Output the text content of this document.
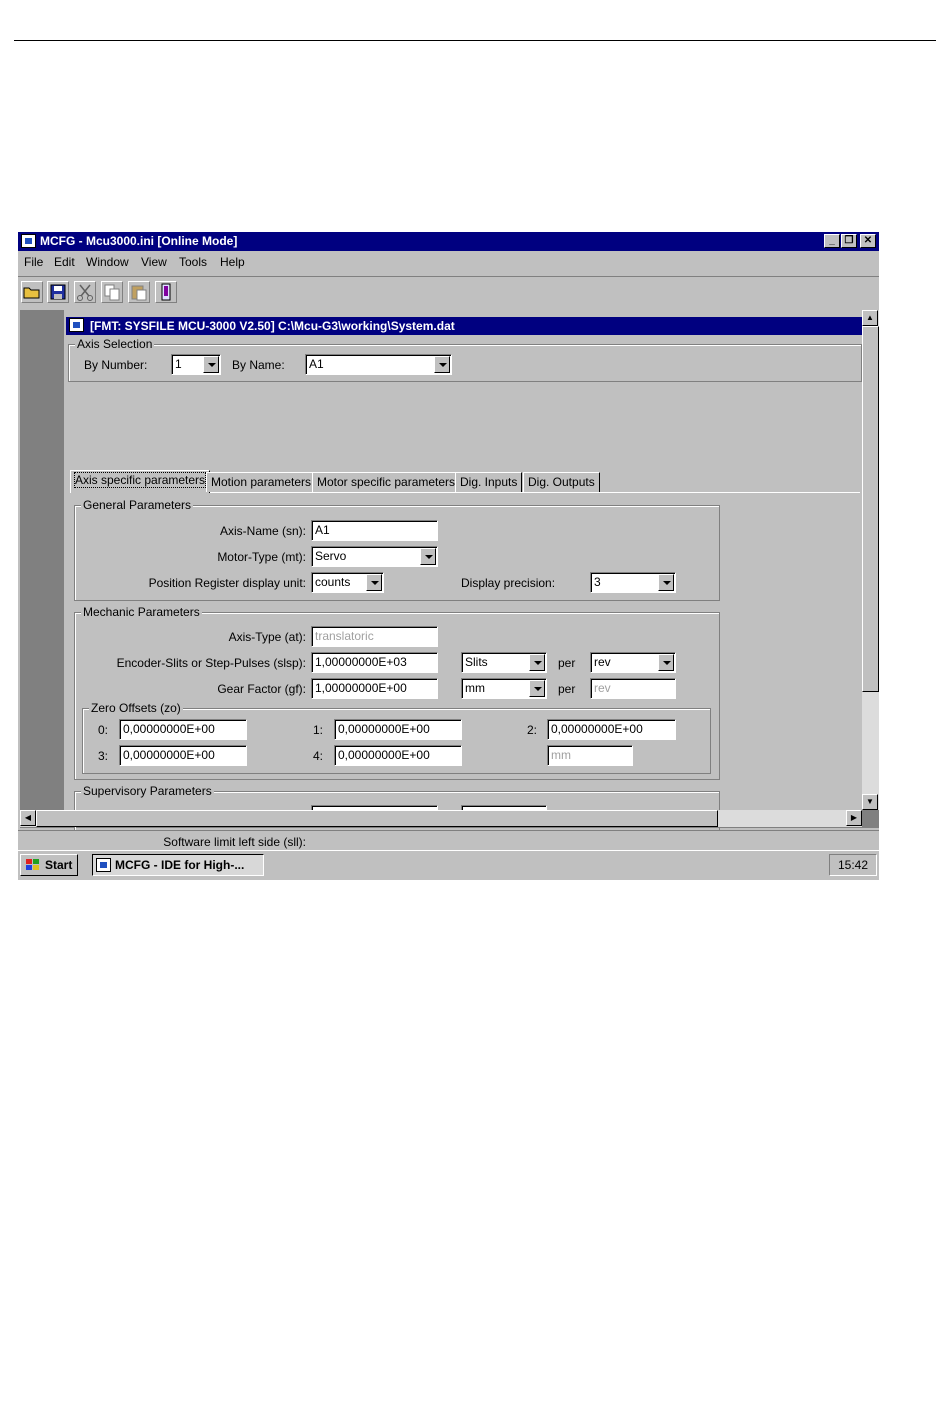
MCFG - Mcu3000.ini [Online Mode]	_ ❐	✕
File Edit Window View Tools Help
[FMT: SYSFILE MCU-3000 V2.50] C:\Mcu-G3\working\System.dat
Axis Selection
By Number: 1	By Name: A1
Axis specific parameters Motion parameters Motor specific parameters Dig. Inputs Dig. Outputs
General Parameters
Axis-Name (sn): A1
Motor-Type (mt): Servo
Position Register display unit: counts	Display precision:	3
Mechanic Parameters
Axis-Type (at): translatoric
Encoder-Slits or Step-Pulses (slsp): 1,00000000E+03	Slits	per rev
Gear Factor (gf): 1,00000000E+00	mm	per	rev
Zero Offsets (zo)
0:	0,00000000E+00	1:	0,00000000E+00	2:	0,00000000E+00
3:	0,00000000E+00	4:	0,00000000E+00	mm
Supervisory Parameters
Software limit left side (sll):
▲
▼
◀	▶
Start	MCFG - IDE for High-...	15:42
